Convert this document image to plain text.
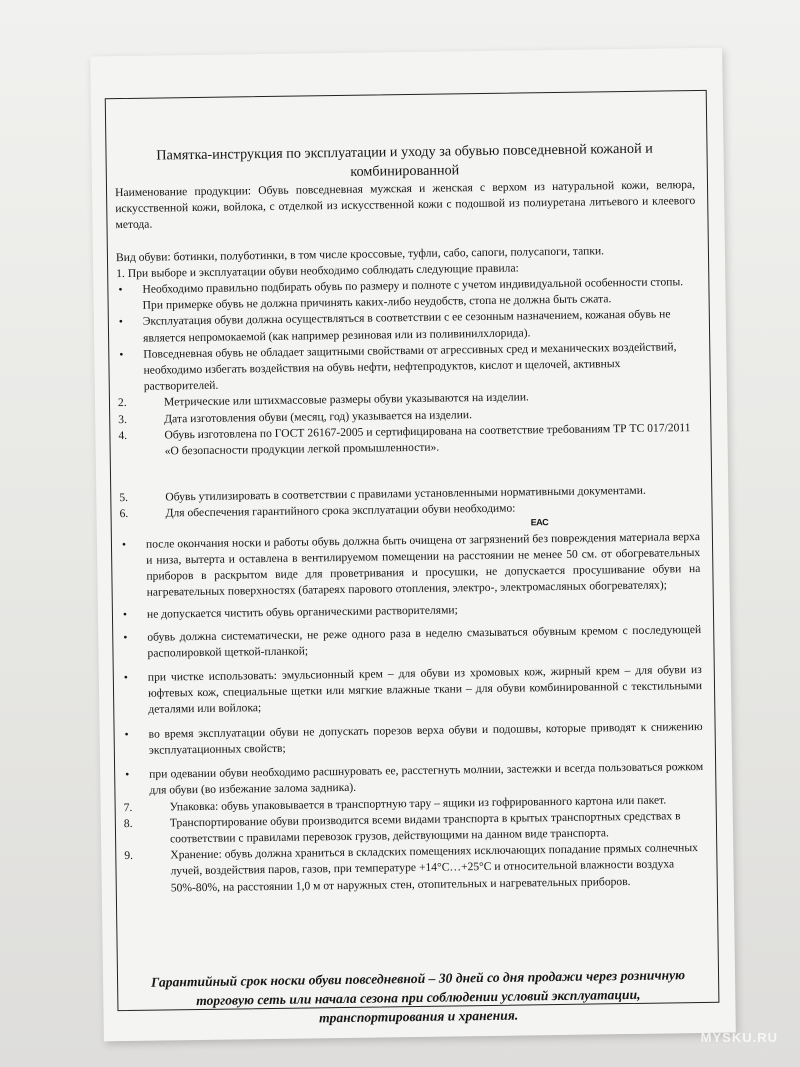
Памятка-инструкция по эксплуатации и уходу за обувью повседневной кожаной и комбинированной

Наименование продукции: Обувь повседневная мужская и женская с верхом из натуральной кожи, велюра, искусственной кожи, войлока, с отделкой из искусственной кожи с подошвой из полиуретана литьевого и клеевого метода.

Вид обуви: ботинки, полуботинки, в том числе кроссовые, туфли, сабо, сапоги, полусапоги, тапки.

1. При выборе и эксплуатации обуви необходимо соблюдать следующие правила:

• Необходимо правильно подбирать обувь по размеру и полноте с учетом индивидуальной особенности стопы. При примерке обувь не должна причинять каких-либо неудобств, стопа не должна быть сжата.
• Эксплуатация обуви должна осуществляться в соответствии с ее сезонным назначением, кожаная обувь не является непромокаемой (как например резиновая или из поливинилхлорида).
• Повседневная обувь не обладает защитными свойствами от агрессивных сред и механических воздействий, необходимо избегать воздействия на обувь нефти, нефтепродуктов, кислот и щелочей, активных растворителей.
2.	Метрические или штихмассовые размеры обуви указываются на изделии.
3.	Дата изготовления обуви (месяц, год) указывается на изделии.
4.	Обувь изготовлена по ГОСТ 26167-2005 и сертифицирована на соответствие требованиям ТР ТС 017/2011 «О безопасности продукции легкой промышленности».
5.	Обувь утилизировать в соответствии с правилами установленными нормативными документами.
6.	Для обеспечения гарантийного срока эксплуатации обуви необходимо:
• после окончания носки и работы обувь должна быть очищена от загрязнений без повреждения материала верха и низа, вытерта и оставлена в вентилируемом помещении на расстоянии не менее 50 см. от обогревательных приборов в раскрытом виде для проветривания и просушки, не допускается просушивание обуви на нагревательных поверхностях (батареях парового отопления, электро-, электромасляных обогревателях);
• не допускается чистить обувь органическими растворителями;
• обувь должна систематически, не реже одного раза в неделю смазываться обувным кремом с последующей располировкой щеткой-планкой;
• при чистке использовать: эмульсионный крем – для обуви из хромовых кож, жирный крем – для обуви из юфтевых кож, специальные щетки или мягкие влажные ткани – для обуви комбинированной с текстильными деталями или войлока;
• во время эксплуатации обуви не допускать порезов верха обуви и подошвы, которые приводят к снижению эксплуатационных свойств;
• при одевании обуви необходимо расшнуровать ее, расстегнуть молнии, застежки и всегда пользоваться рожком для обуви (во избежание залома задника).
7.	Упаковка: обувь упаковывается в транспортную тару – ящики из гофрированного картона или пакет.
8.	Транспортирование обуви производится всеми видами транспорта в крытых транспортных средствах в соответствии с правилами перевозок грузов, действующими на данном виде транспорта.
9.	Хранение: обувь должна храниться в складских помещениях исключающих попадание прямых солнечных лучей, воздействия паров, газов, при температуре +14°С…+25°С и относительной влажности воздуха 50%-80%, на расстоянии 1,0 м от наружных стен, отопительных и нагревательных приборов.
EAC
Гарантийный срок носки обуви повседневной – 30 дней со дня продажи через розничную торговую сеть или начала сезона при соблюдении условий эксплуатации, транспортирования и хранения.
MYSKU.RU
